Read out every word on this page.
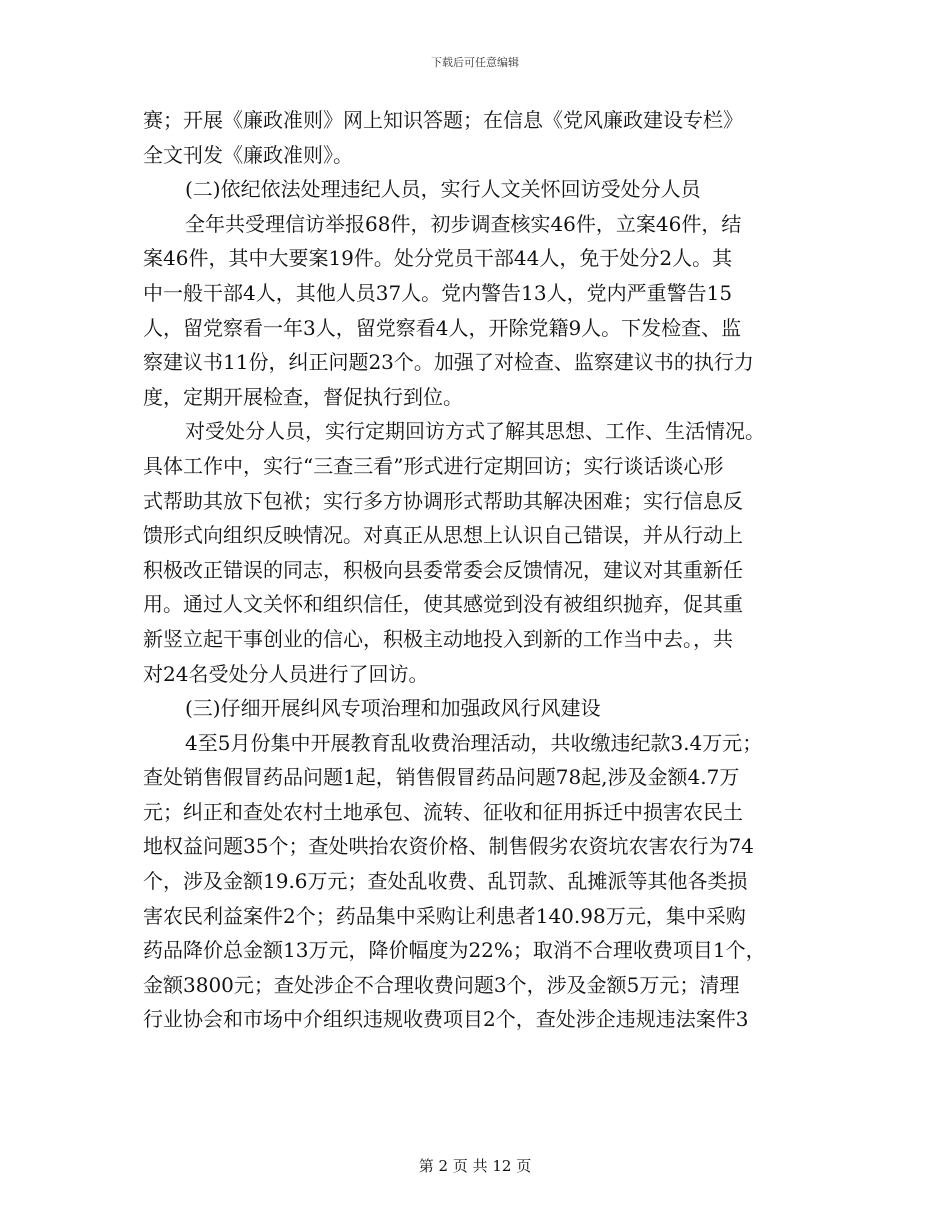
下载后可任意编辑
赛；开展《廉政准则》网上知识答题；在信息《党风廉政建设专栏》
全文刊发《廉政准则》。
(二)依纪依法处理违纪人员，实行人文关怀回访受处分人员
全年共受理信访举报68件，初步调查核实46件，立案46件，结
案46件，其中大要案19件。处分党员干部44人，免于处分2人。其
中一般干部4人，其他人员37人。党内警告13人，党内严重警告15
人，留党察看一年3人，留党察看4人，开除党籍9人。下发检查、监
察建议书11份，纠正问题23个。加强了对检查、监察建议书的执行力
度，定期开展检查，督促执行到位。
对受处分人员，实行定期回访方式了解其思想、工作、生活情况。
具体工作中，实行“三查三看”形式进行定期回访；实行谈话谈心形
式帮助其放下包袱；实行多方协调形式帮助其解决困难；实行信息反
馈形式向组织反映情况。对真正从思想上认识自己错误，并从行动上
积极改正错误的同志，积极向县委常委会反馈情况，建议对其重新任
用。通过人文关怀和组织信任，使其感觉到没有被组织抛弃，促其重
新竖立起干事创业的信心，积极主动地投入到新的工作当中去。，共
对24名受处分人员进行了回访。
(三)仔细开展纠风专项治理和加强政风行风建设
4至5月份集中开展教育乱收费治理活动，共收缴违纪款3.4万元；
查处销售假冒药品问题1起，销售假冒药品问题78起,涉及金额4.7万
元；纠正和查处农村土地承包、流转、征收和征用拆迁中损害农民土
地权益问题35个；查处哄抬农资价格、制售假劣农资坑农害农行为74
个，涉及金额19.6万元；查处乱收费、乱罚款、乱摊派等其他各类损
害农民利益案件2个；药品集中采购让利患者140.98万元，集中采购
药品降价总金额13万元，降价幅度为22%；取消不合理收费项目1个，
金额3800元；查处涉企不合理收费问题3个，涉及金额5万元；清理
行业协会和市场中介组织违规收费项目2个，查处涉企违规违法案件3
第 2 页 共 12 页
